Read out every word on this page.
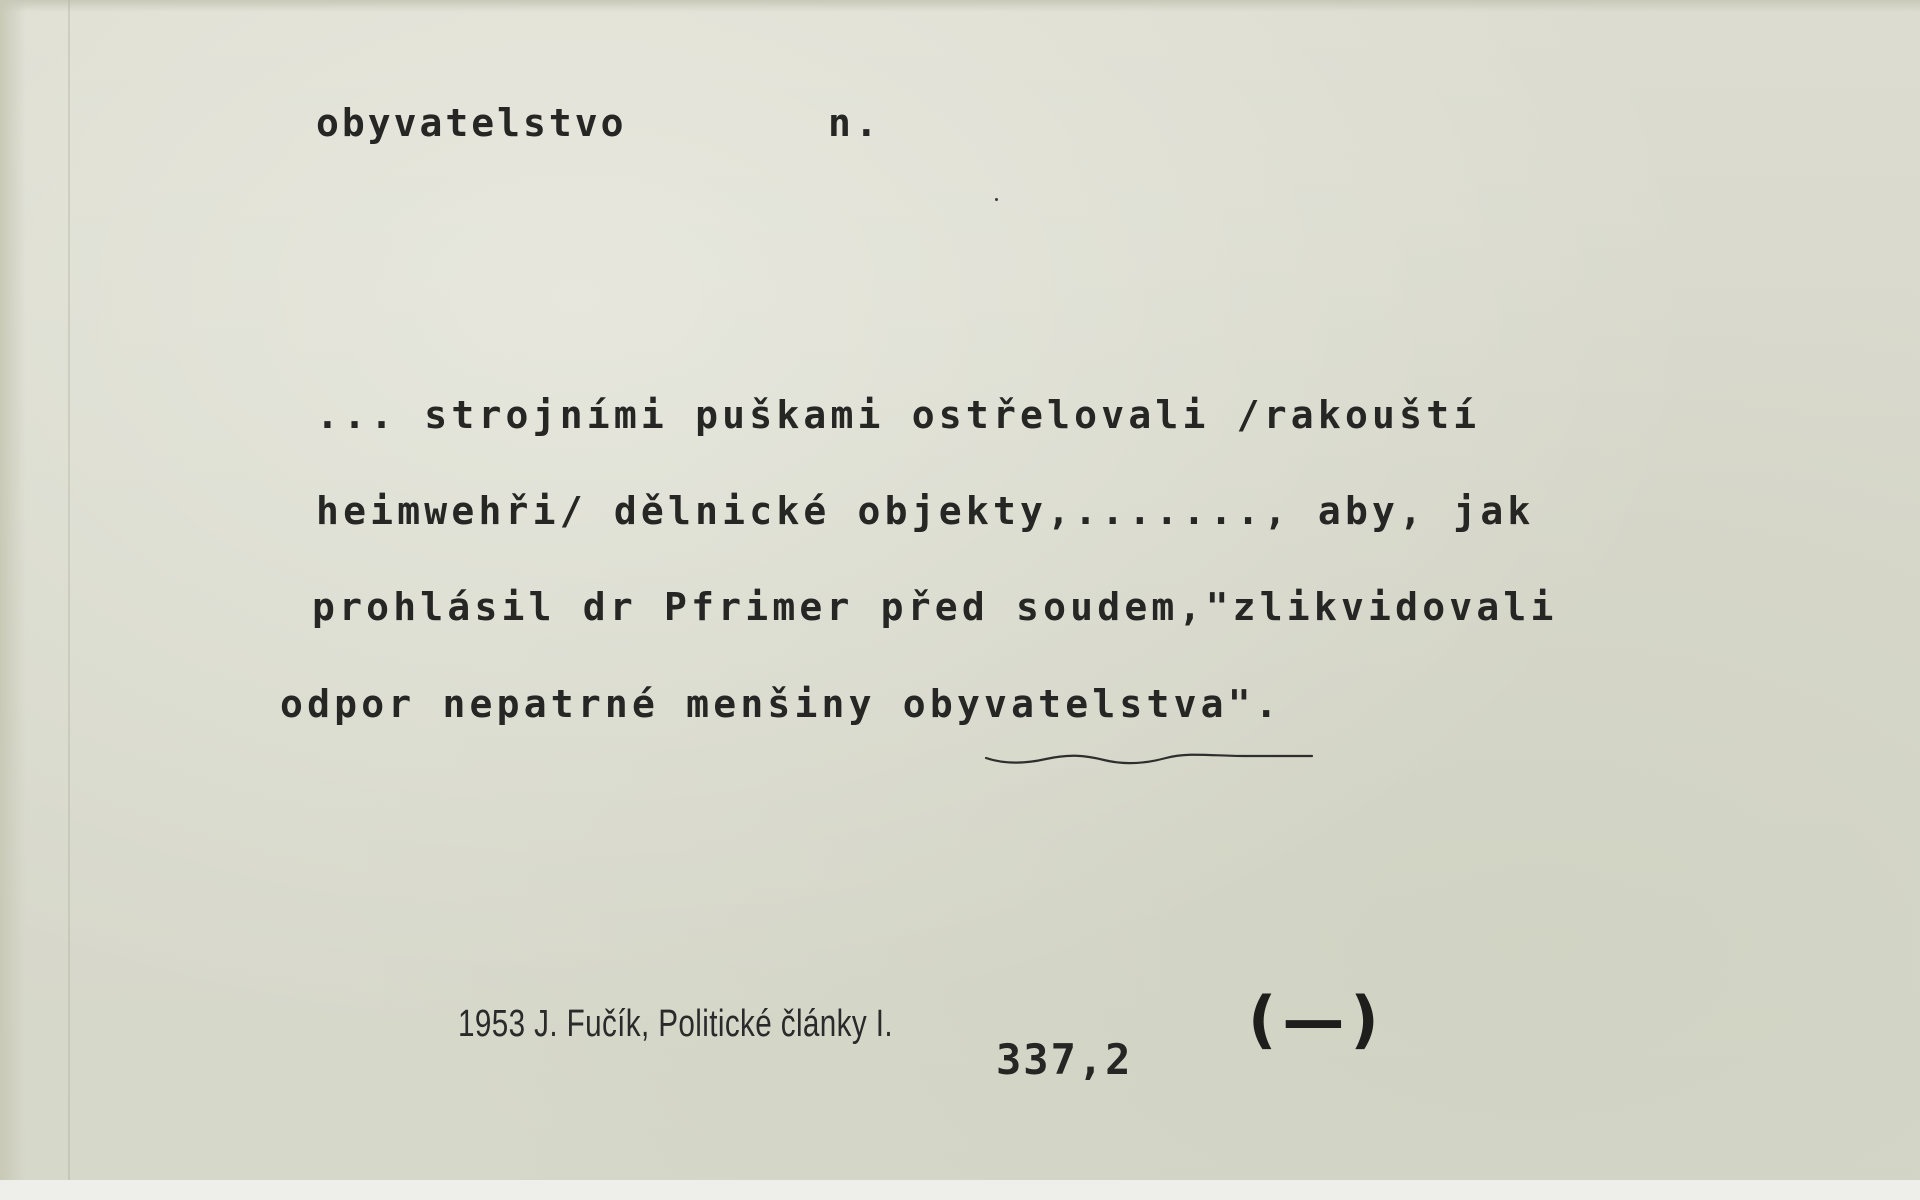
obyvatelstvo	n.

... strojními puškami ostřelovali /rakouští

heimwehři/ dělnické objekty,......., aby, jak

prohlásil dr Pfrimer před soudem,"zlikvidovali

odpor nepatrné menšiny obyvatelstva".

1953 J. Fučík, Politické články I.

337,2

(—)
